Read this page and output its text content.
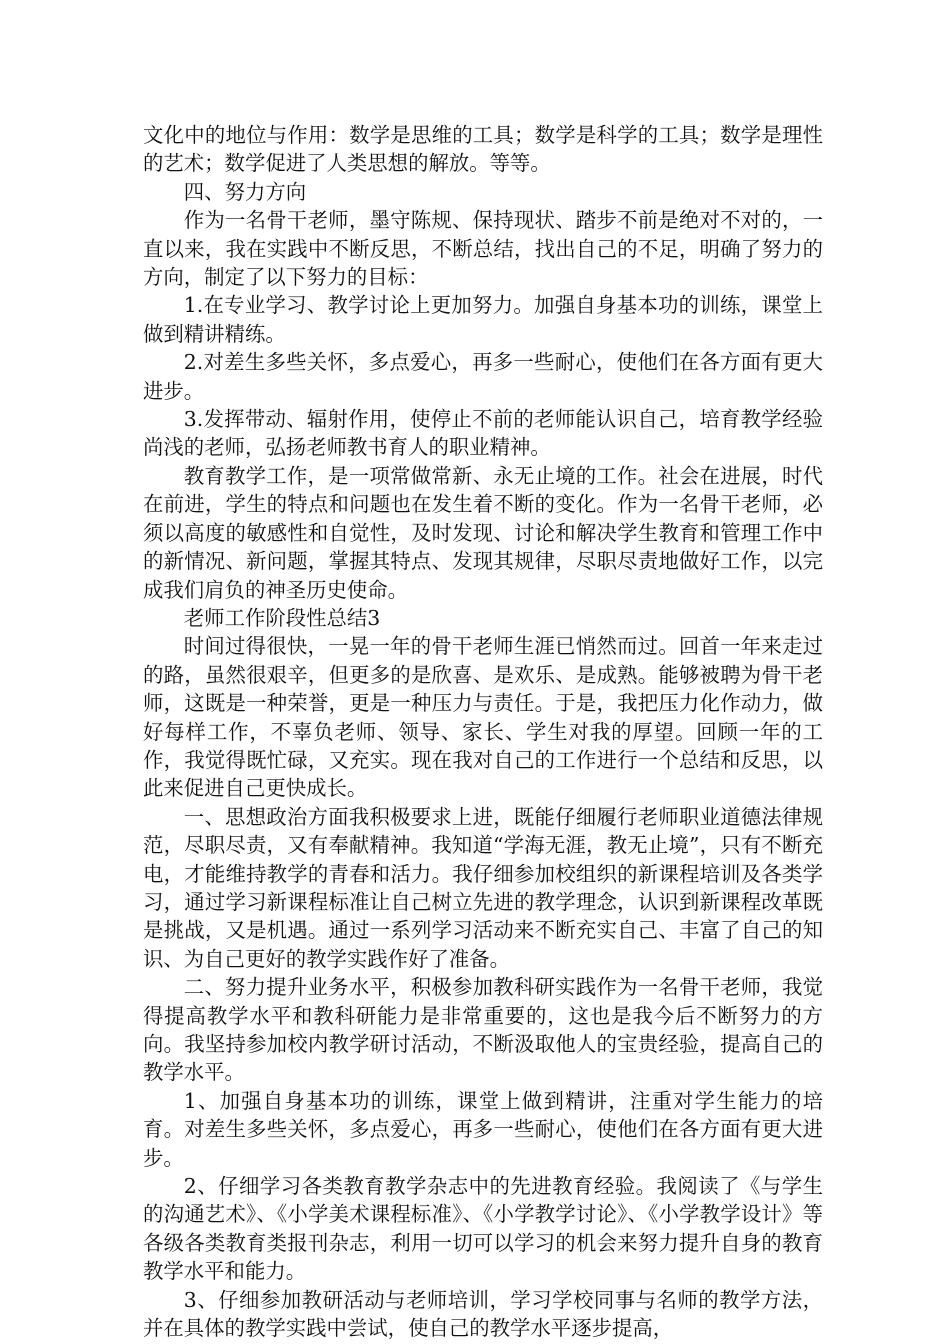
文化中的地位与作用：数学是思维的工具；数学是科学的工具；数学是理性的艺术；数学促进了人类思想的解放。等等。

四、努力方向

作为一名骨干老师，墨守陈规、保持现状、踏步不前是绝对不对的，一直以来，我在实践中不断反思，不断总结，找出自己的不足，明确了努力的方向，制定了以下努力的目标：

1.在专业学习、教学讨论上更加努力。加强自身基本功的训练，课堂上做到精讲精练。

2.对差生多些关怀，多点爱心，再多一些耐心，使他们在各方面有更大进步。

3.发挥带动、辐射作用，使停止不前的老师能认识自己，培育教学经验尚浅的老师，弘扬老师教书育人的职业精神。

教育教学工作，是一项常做常新、永无止境的工作。社会在进展，时代在前进，学生的特点和问题也在发生着不断的变化。作为一名骨干老师，必须以高度的敏感性和自觉性，及时发现、讨论和解决学生教育和管理工作中的新情况、新问题，掌握其特点、发现其规律，尽职尽责地做好工作，以完成我们肩负的神圣历史使命。

老师工作阶段性总结3

时间过得很快，一晃一年的骨干老师生涯已悄然而过。回首一年来走过的路，虽然很艰辛，但更多的是欣喜、是欢乐、是成熟。能够被聘为骨干老师，这既是一种荣誉，更是一种压力与责任。于是，我把压力化作动力，做好每样工作，不辜负老师、领导、家长、学生对我的厚望。回顾一年的工作，我觉得既忙碌，又充实。现在我对自己的工作进行一个总结和反思，以此来促进自己更快成长。

一、思想政治方面我积极要求上进，既能仔细履行老师职业道德法律规范，尽职尽责，又有奉献精神。我知道“学海无涯，教无止境”，只有不断充电，才能维持教学的青春和活力。我仔细参加校组织的新课程培训及各类学习，通过学习新课程标准让自己树立先进的教学理念，认识到新课程改革既是挑战，又是机遇。通过一系列学习活动来不断充实自己、丰富了自己的知识、为自己更好的教学实践作好了准备。

二、努力提升业务水平，积极参加教科研实践作为一名骨干老师，我觉得提高教学水平和教科研能力是非常重要的，这也是我今后不断努力的方向。我坚持参加校内教学研讨活动，不断汲取他人的宝贵经验，提高自己的教学水平。

1、加强自身基本功的训练，课堂上做到精讲，注重对学生能力的培育。对差生多些关怀，多点爱心，再多一些耐心，使他们在各方面有更大进步。

2、仔细学习各类教育教学杂志中的先进教育经验。我阅读了《与学生的沟通艺术》、《小学美术课程标准》、《小学教学讨论》、《小学教学设计》等各级各类教育类报刊杂志，利用一切可以学习的机会来努力提升自身的教育教学水平和能力。

3、仔细参加教研活动与老师培训，学习学校同事与名师的教学方法，并在具体的教学实践中尝试，使自己的教学水平逐步提高，
